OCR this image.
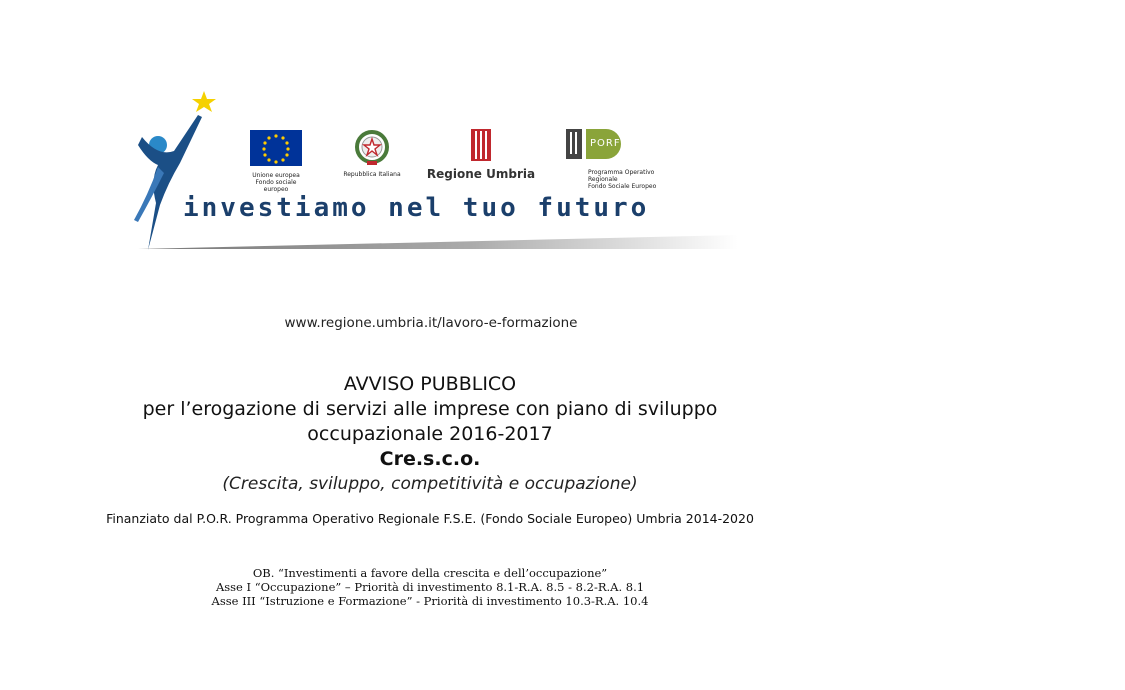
Unione europea
Fondo sociale europeo
Repubblica Italiana Regione Umbria
PORFSE
Programma Operativo Regionale
Fondo Sociale Europeo
investiamo nel tuo futuro
www.regione.umbria.it/lavoro-e-formazione
AVVISO PUBBLICO
per l’erogazione di servizi alle imprese con piano di sviluppo
occupazionale 2016-2017
Cre.s.c.o.
(Crescita, sviluppo, competitività e occupazione)
Finanziato dal P.O.R. Programma Operativo Regionale F.S.E. (Fondo Sociale Europeo) Umbria 2014-2020
OB. “Investimenti a favore della crescita e dell’occupazione”
Asse I “Occupazione” – Priorità di investimento 8.1-R.A. 8.5 - 8.2-R.A. 8.1
Asse III “Istruzione e Formazione” - Priorità di investimento 10.3-R.A. 10.4
